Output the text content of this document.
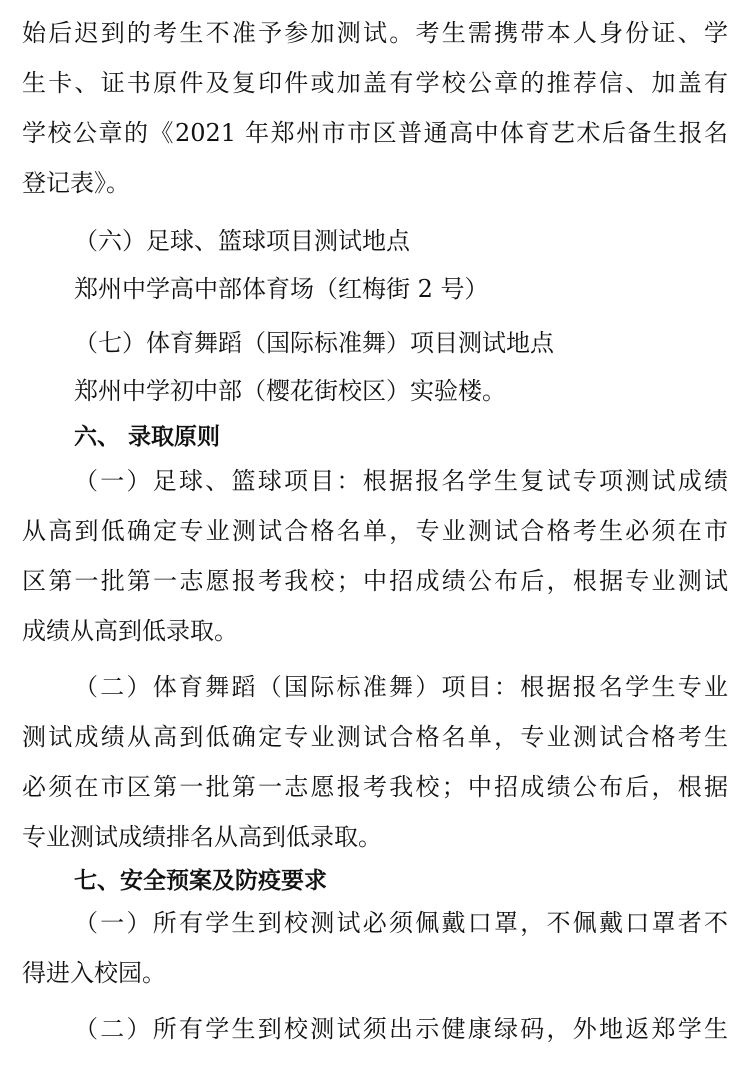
始后迟到的考生不准予参加测试。考生需携带本人身份证、学
生卡、证书原件及复印件或加盖有学校公章的推荐信、加盖有
学校公章的《2021 年郑州市市区普通高中体育艺术后备生报名
登记表》。
（六）足球、篮球项目测试地点
郑州中学高中部体育场（红梅街 2 号）
（七）体育舞蹈（国际标准舞）项目测试地点
郑州中学初中部（樱花街校区）实验楼。
六、 录取原则
（一）足球、篮球项目：根据报名学生复试专项测试成绩
从高到低确定专业测试合格名单，专业测试合格考生必须在市
区第一批第一志愿报考我校；中招成绩公布后，根据专业测试
成绩从高到低录取。
（二）体育舞蹈（国际标准舞）项目：根据报名学生专业
测试成绩从高到低确定专业测试合格名单，专业测试合格考生
必须在市区第一批第一志愿报考我校；中招成绩公布后，根据
专业测试成绩排名从高到低录取。
七、安全预案及防疫要求
（一）所有学生到校测试必须佩戴口罩，不佩戴口罩者不
得进入校园。
（二）所有学生到校测试须出示健康绿码，外地返郑学生
